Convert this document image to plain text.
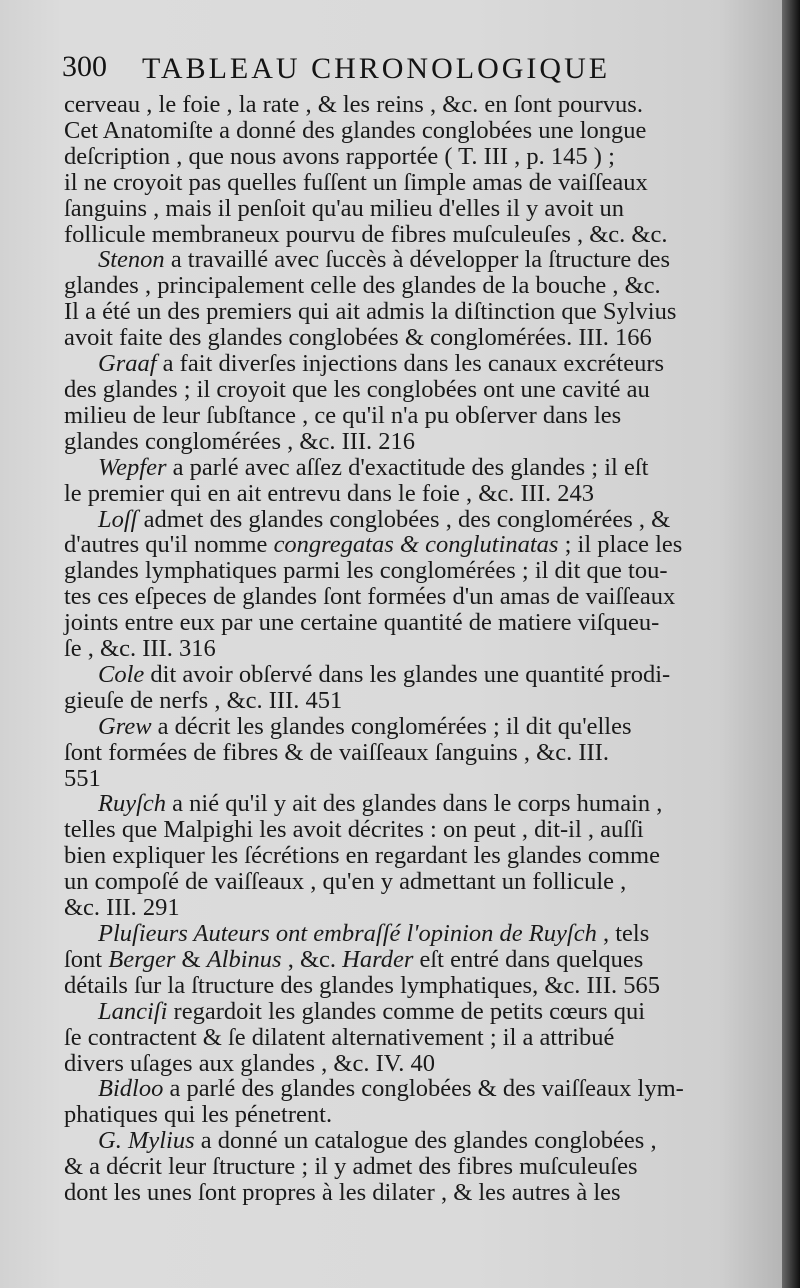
300 TABLEAU CHRONOLOGIQUE
cerveau , le foie , la rate , & les reins , &c. en ſont pourvus.
Cet Anatomiſte a donné des glandes conglobées une longue
deſcription , que nous avons rapportée ( T. III , p. 145 ) ;
il ne croyoit pas quelles fuſſent un ſimple amas de vaiſſeaux
ſanguins , mais il penſoit qu'au milieu d'elles il y avoit un
follicule membraneux pourvu de fibres muſculeuſes , &c. &c.
Stenon a travaillé avec ſuccès à développer la ſtructure des
glandes , principalement celle des glandes de la bouche , &c.
Il a été un des premiers qui ait admis la diſtinction que Sylvius
avoit faite des glandes conglobées & conglomérées. III. 166
Graaf a fait diverſes injections dans les canaux excréteurs
des glandes ; il croyoit que les conglobées ont une cavité au
milieu de leur ſubſtance , ce qu'il n'a pu obſerver dans les
glandes conglomérées , &c. III. 216
Wepfer a parlé avec aſſez d'exactitude des glandes ; il eſt
le premier qui en ait entrevu dans le foie , &c. III. 243
Loſſ admet des glandes conglobées , des conglomérées , &
d'autres qu'il nomme congregatas & conglutinatas ; il place les
glandes lymphatiques parmi les conglomérées ; il dit que tou-
tes ces eſpeces de glandes ſont formées d'un amas de vaiſſeaux
joints entre eux par une certaine quantité de matiere viſqueu-
ſe , &c. III. 316
Cole dit avoir obſervé dans les glandes une quantité prodi-
gieuſe de nerfs , &c. III. 451
Grew a décrit les glandes conglomérées ; il dit qu'elles
ſont formées de fibres & de vaiſſeaux ſanguins , &c. III.
551
Ruyſch a nié qu'il y ait des glandes dans le corps humain ,
telles que Malpighi les avoit décrites : on peut , dit-il , auſſi
bien expliquer les ſécrétions en regardant les glandes comme
un compoſé de vaiſſeaux , qu'en y admettant un follicule ,
&c. III. 291
Pluſieurs Auteurs ont embraſſé l'opinion de Ruyſch , tels
ſont Berger & Albinus , &c. Harder eſt entré dans quelques
détails ſur la ſtructure des glandes lymphatiques, &c. III. 565
Lanciſi regardoit les glandes comme de petits cœurs qui
ſe contractent & ſe dilatent alternativement ; il a attribué
divers uſages aux glandes , &c. IV. 40
Bidloo a parlé des glandes conglobées & des vaiſſeaux lym-
phatiques qui les pénetrent.
G. Mylius a donné un catalogue des glandes conglobées ,
& a décrit leur ſtructure ; il y admet des fibres muſculeuſes
dont les unes ſont propres à les dilater , & les autres à les
